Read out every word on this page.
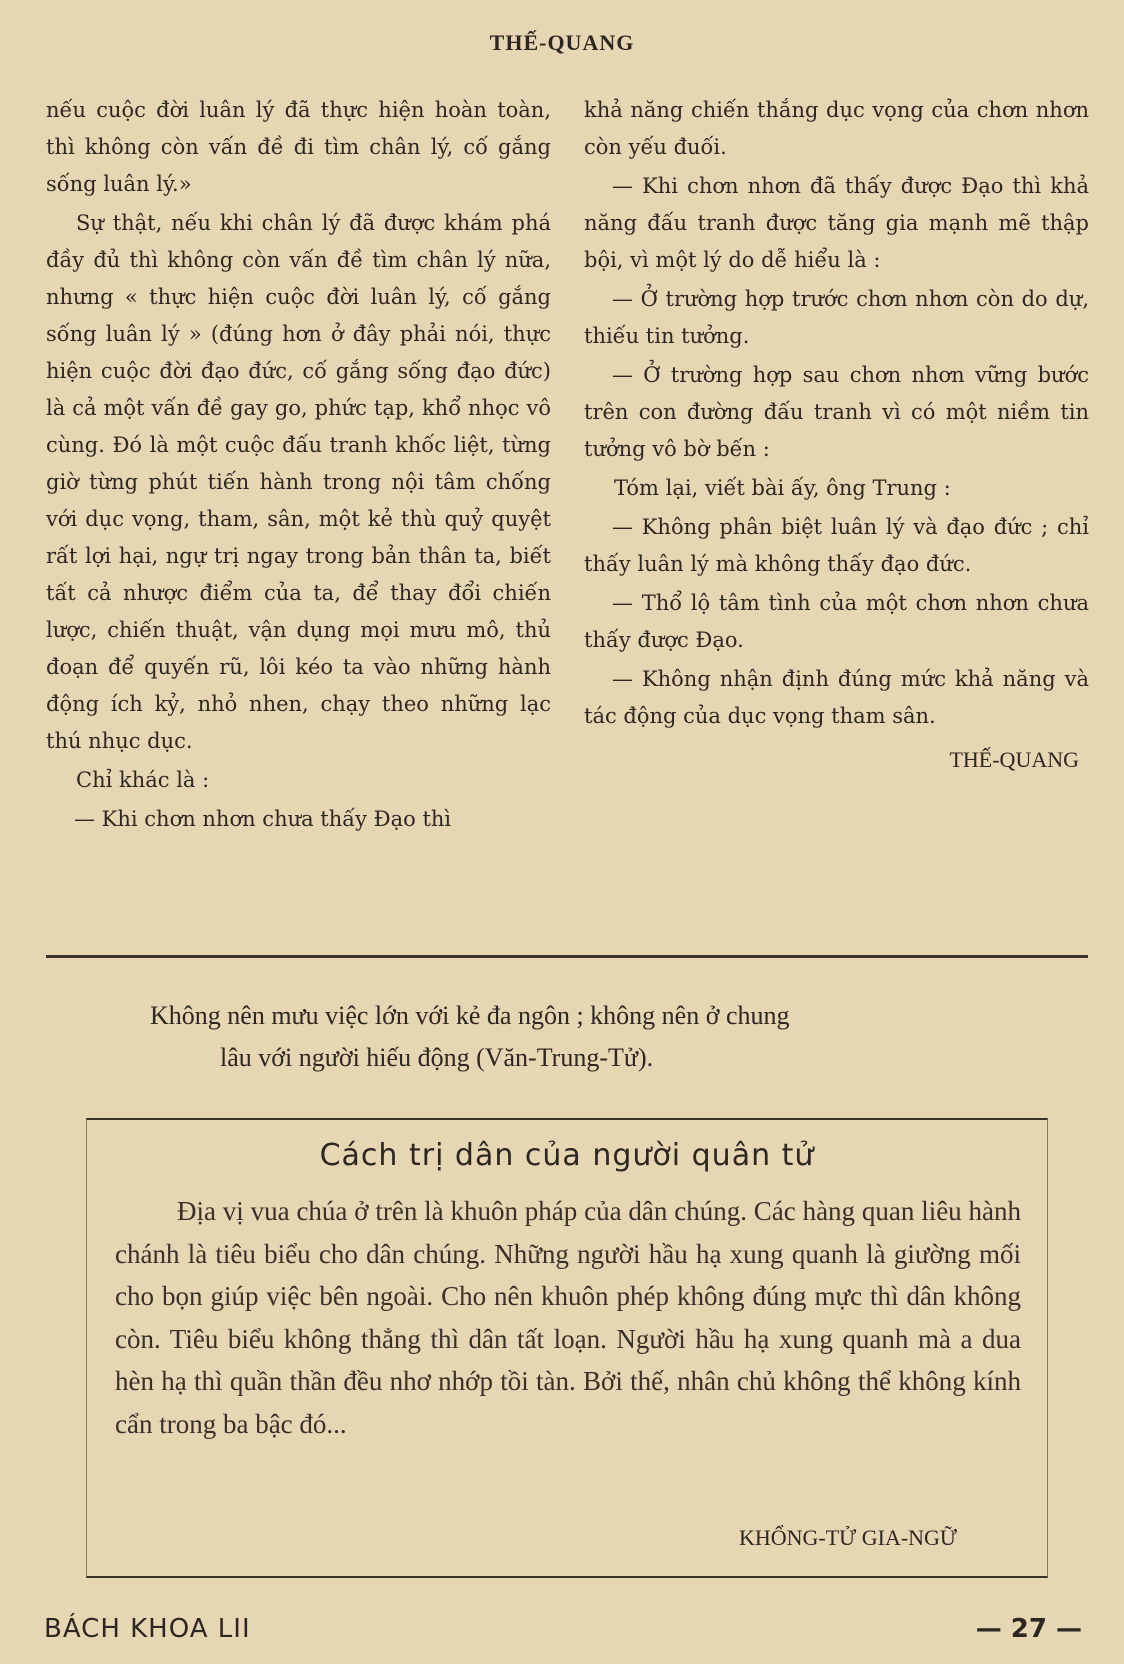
THẾ-QUANG

nếu cuộc đời luân lý đã thực hiện hoàn toàn, thì không còn vấn đề đi tìm chân lý, cố gắng sống luân lý.»

Sự thật, nếu khi chân lý đã được khám phá đầy đủ thì không còn vấn đề tìm chân lý nữa, nhưng « thực hiện cuộc đời luân lý, cố gắng sống luân lý » (đúng hơn ở đây phải nói, thực hiện cuộc đời đạo đức, cố gắng sống đạo đức) là cả một vấn đề gay go, phức tạp, khổ nhọc vô cùng. Đó là một cuộc đấu tranh khốc liệt, từng giờ từng phút tiến hành trong nội tâm chống với dục vọng, tham, sân, một kẻ thù quỷ quyệt rất lợi hại, ngự trị ngay trong bản thân ta, biết tất cả nhược điểm của ta, để thay đổi chiến lược, chiến thuật, vận dụng mọi mưu mô, thủ đoạn để quyến rũ, lôi kéo ta vào những hành động ích kỷ, nhỏ nhen, chạy theo những lạc thú nhục dục.

Chỉ khác là :

— Khi chơn nhơn chưa thấy Đạo thì

khả năng chiến thắng dục vọng của chơn nhơn còn yếu đuối.

— Khi chơn nhơn đã thấy được Đạo thì khả năng đấu tranh được tăng gia mạnh mẽ thập bội, vì một lý do dễ hiểu là :

— Ở trường hợp trước chơn nhơn còn do dự, thiếu tin tưởng.

— Ở trường hợp sau chơn nhơn vững bước trên con đường đấu tranh vì có một niềm tin tưởng vô bờ bến :

Tóm lại, viết bài ấy, ông Trung :

— Không phân biệt luân lý và đạo đức ; chỉ thấy luân lý mà không thấy đạo đức.

— Thổ lộ tâm tình của một chơn nhơn chưa thấy được Đạo.

— Không nhận định đúng mức khả năng và tác động của dục vọng tham sân.

THẾ-QUANG
Không nên mưu việc lớn với kẻ đa ngôn ; không nên ở chung
lâu với người hiếu động (Văn-Trung-Tử).
Cách trị dân của người quân tử

Địa vị vua chúa ở trên là khuôn pháp của dân chúng. Các hàng quan liêu hành chánh là tiêu biểu cho dân chúng. Những người hầu hạ xung quanh là giường mối cho bọn giúp việc bên ngoài. Cho nên khuôn phép không đúng mực thì dân không còn. Tiêu biểu không thẳng thì dân tất loạn. Người hầu hạ xung quanh mà a dua hèn hạ thì quần thần đều nhơ nhớp tồi tàn. Bởi thế, nhân chủ không thể không kính cẩn trong ba bậc đó...

KHỔNG-TỬ GIA-NGỮ
BÁCH KHOA LII	— 27 —
